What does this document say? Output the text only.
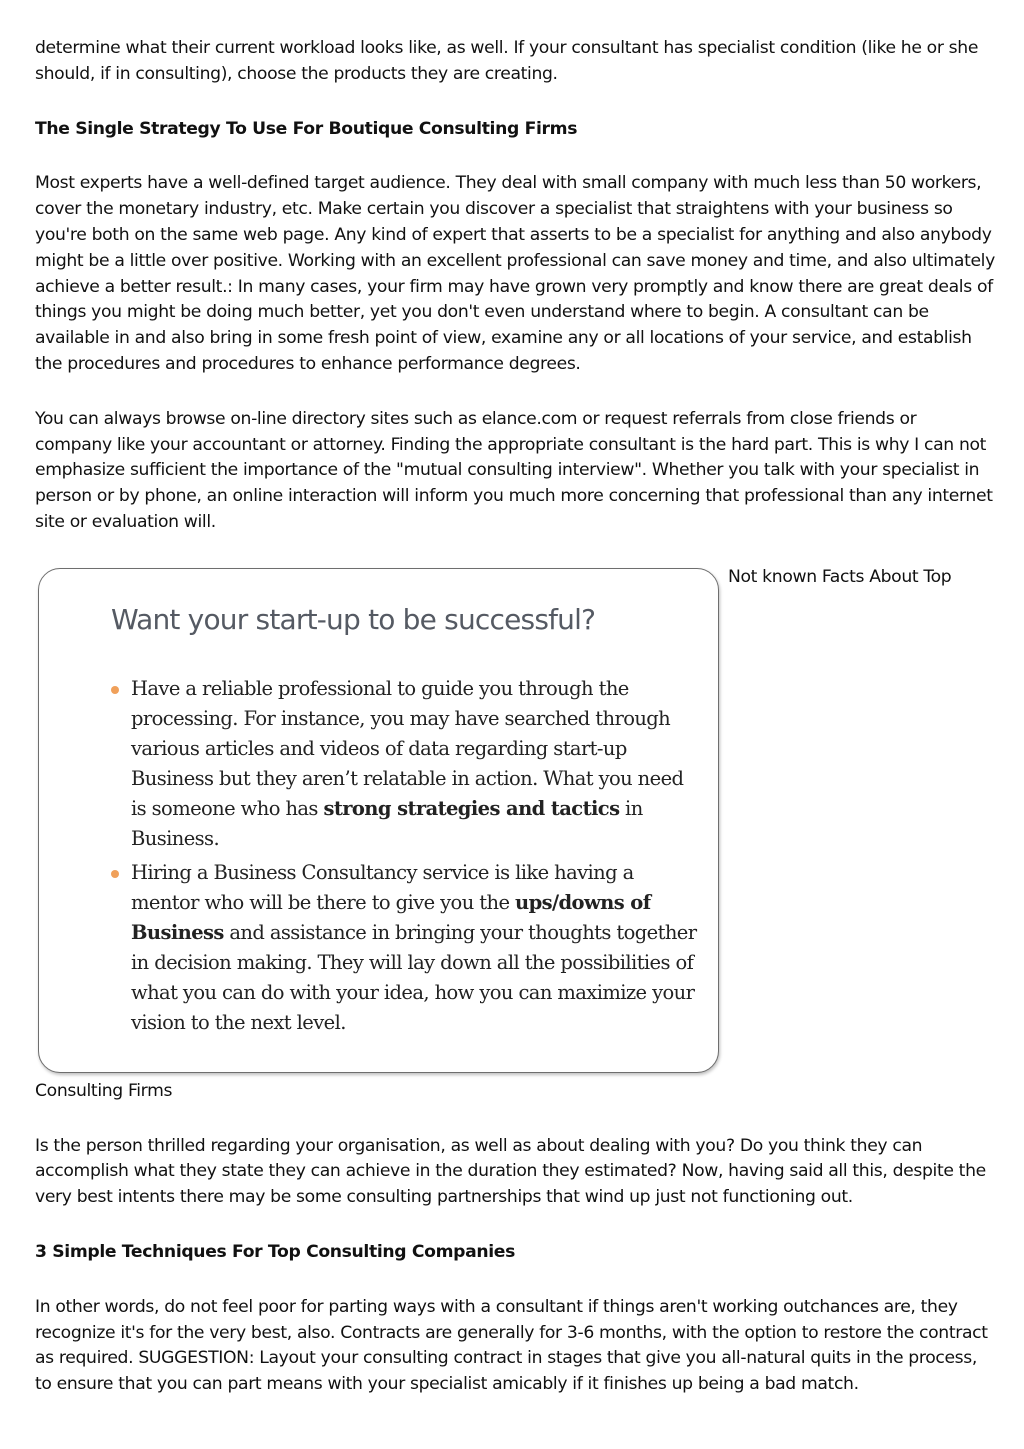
determine what their current workload looks like, as well. If your consultant has specialist condition (like he or she should, if in consulting), choose the products they are creating.

The Single Strategy To Use For Boutique Consulting Firms

Most experts have a well-defined target audience. They deal with small company with much less than 50 workers, cover the monetary industry, etc. Make certain you discover a specialist that straightens with your business so you're both on the same web page. Any kind of expert that asserts to be a specialist for anything and also anybody might be a little over positive. Working with an excellent professional can save money and time, and also ultimately achieve a better result.: In many cases, your firm may have grown very promptly and know there are great deals of things you might be doing much better, yet you don't even understand where to begin. A consultant can be available in and also bring in some fresh point of view, examine any or all locations of your service, and establish the procedures and procedures to enhance performance degrees.

You can always browse on-line directory sites such as elance.com or request referrals from close friends or company like your accountant or attorney. Finding the appropriate consultant is the hard part. This is why I can not emphasize sufficient the importance of the "mutual consulting interview". Whether you talk with your specialist in person or by phone, an online interaction will inform you much more concerning that professional than any internet site or evaluation will.

Want your start-up to be successful?
Have a reliable professional to guide you through the processing. For instance, you may have searched through various articles and videos of data regarding start-up Business but they aren’t relatable in action. What you need is someone who has strong strategies and tactics in Business.
Hiring a Business Consultancy service is like having a mentor who will be there to give you the ups/downs of Business and assistance in bringing your thoughts together in decision making. They will lay down all the possibilities of what you can do with your idea, how you can maximize your vision to the next level.

Not known Facts About Top

Consulting Firms

Is the person thrilled regarding your organisation, as well as about dealing with you? Do you think they can accomplish what they state they can achieve in the duration they estimated? Now, having said all this, despite the very best intents there may be some consulting partnerships that wind up just not functioning out.

3 Simple Techniques For Top Consulting Companies

In other words, do not feel poor for parting ways with a consultant if things aren't working outchances are, they recognize it's for the very best, also. Contracts are generally for 3-6 months, with the option to restore the contract as required. SUGGESTION: Layout your consulting contract in stages that give you all-natural quits in the process, to ensure that you can part means with your specialist amicably if it finishes up being a bad match.
